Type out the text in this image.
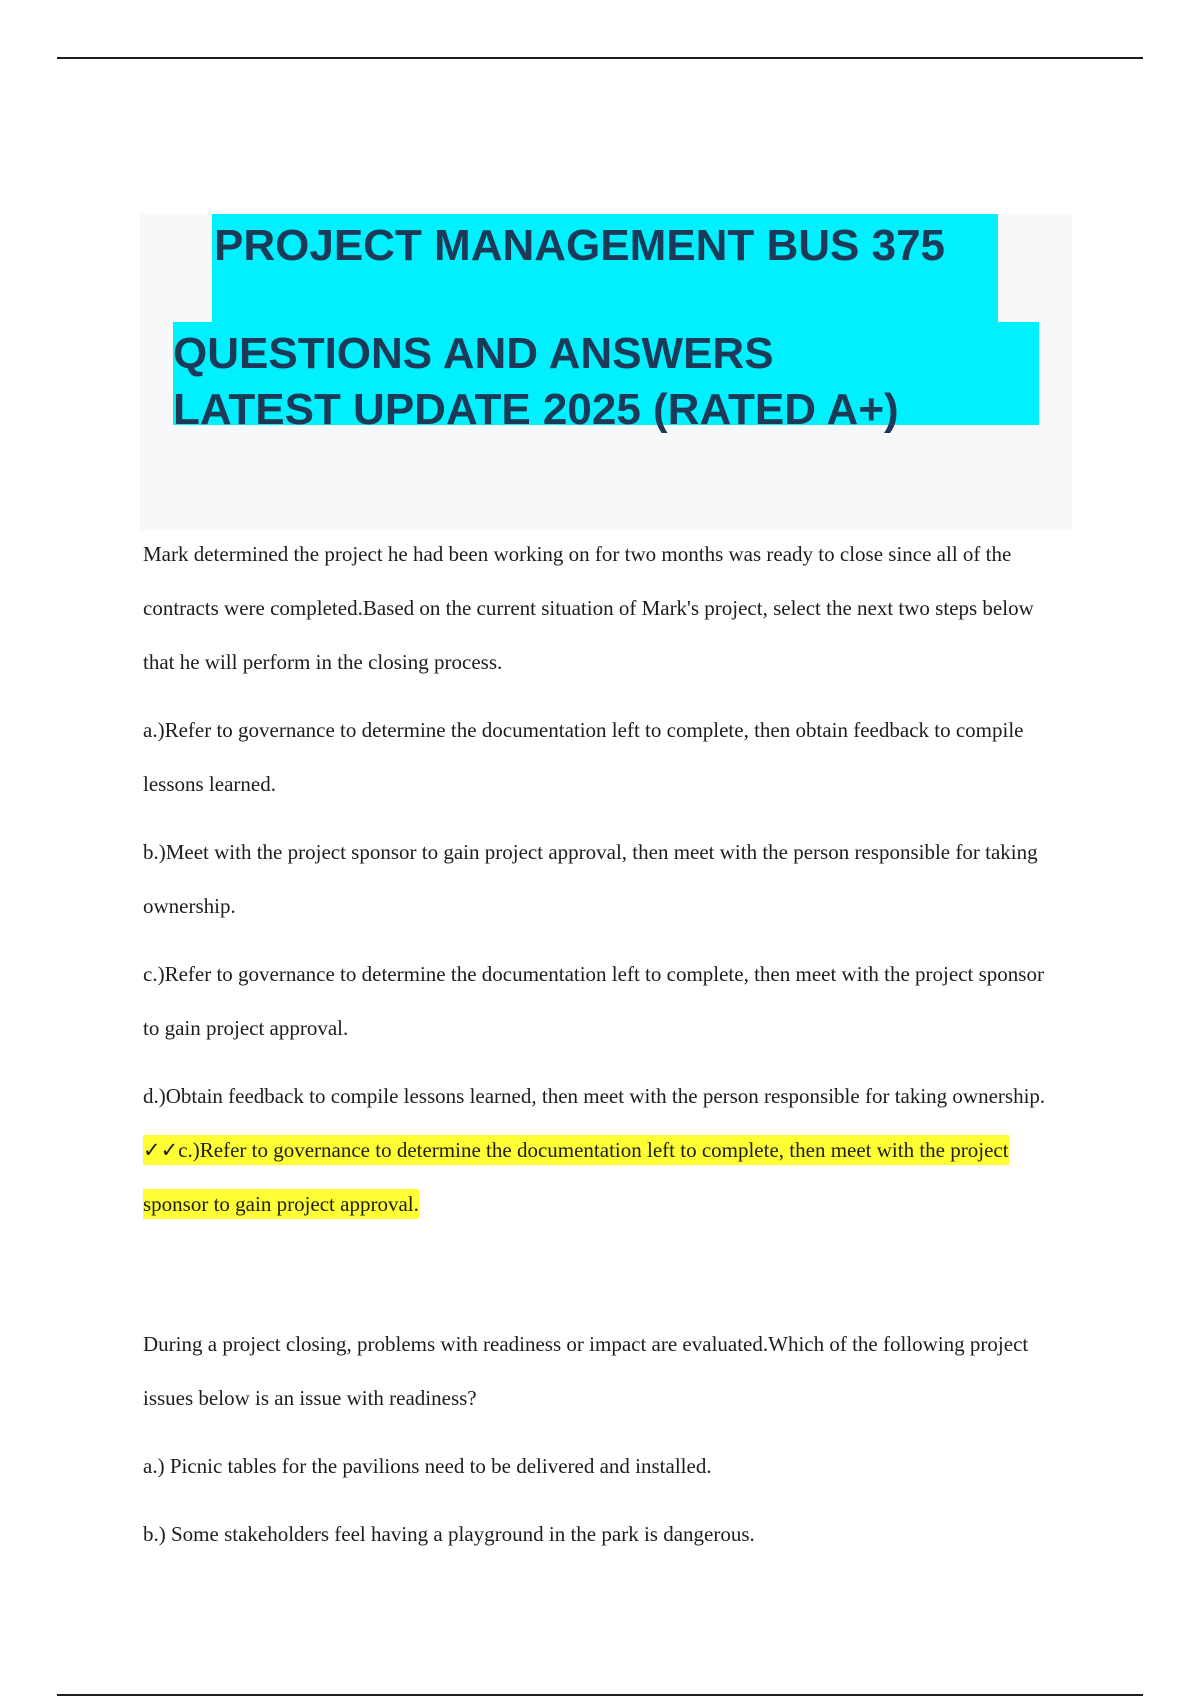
PROJECT MANAGEMENT BUS 375
QUESTIONS AND ANSWERS
LATEST UPDATE 2025 (RATED A+)

Mark determined the project he had been working on for two months was ready to close since all of the contracts were completed.Based on the current situation of Mark's project, select the next two steps below that he will perform in the closing process.

a.)Refer to governance to determine the documentation left to complete, then obtain feedback to compile lessons learned.

b.)Meet with the project sponsor to gain project approval, then meet with the person responsible for taking ownership.

c.)Refer to governance to determine the documentation left to complete, then meet with the project sponsor to gain project approval.

d.)Obtain feedback to compile lessons learned, then meet with the person responsible for taking ownership. ✓✓c.)Refer to governance to determine the documentation left to complete, then meet with the project sponsor to gain project approval.

During a project closing, problems with readiness or impact are evaluated.Which of the following project issues below is an issue with readiness?

a.) Picnic tables for the pavilions need to be delivered and installed.

b.) Some stakeholders feel having a playground in the park is dangerous.
